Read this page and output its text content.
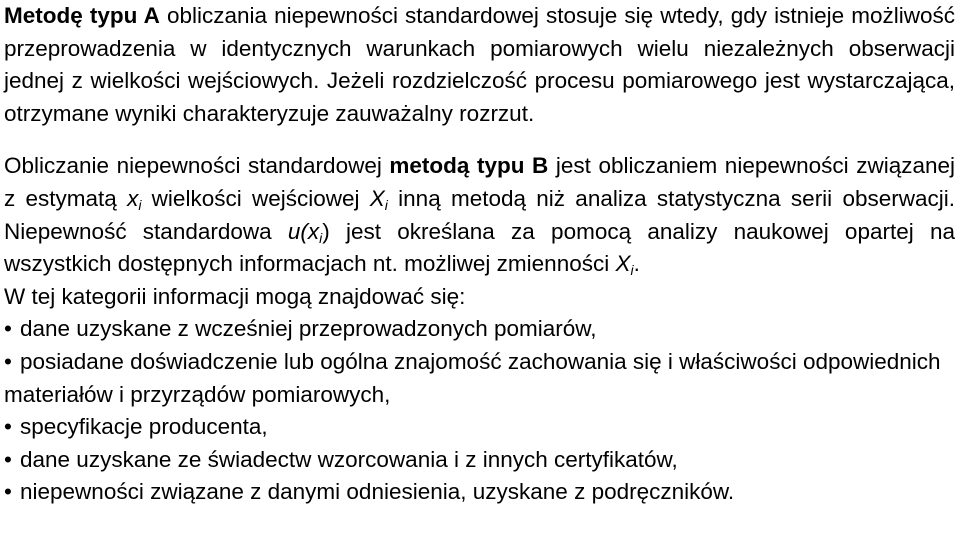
Metodę typu A obliczania niepewności standardowej stosuje się wtedy, gdy istnieje możliwość przeprowadzenia w identycznych warunkach pomiarowych wielu niezależnych obserwacji jednej z wielkości wejściowych. Jeżeli rozdzielczość procesu pomiarowego jest wystarczająca, otrzymane wyniki charakteryzuje zauważalny rozrzut.

Obliczanie niepewności standardowej metodą typu B jest obliczaniem niepewności związanej z estymatą $x_i$ wielkości wejściowej $X_i$ inną metodą niż analiza statystyczna serii obserwacji. Niepewność standardowa $u(x_i)$ jest określana za pomocą analizy naukowej opartej na wszystkich dostępnych informacjach nt. możliwej zmienności $X_i$.

W tej kategorii informacji mogą znajdować się:

• dane uzyskane z wcześniej przeprowadzonych pomiarów,
• posiadane doświadczenie lub ogólna znajomość zachowania się i właściwości odpowiednich materiałów i przyrządów pomiarowych,
• specyfikacje producenta,
• dane uzyskane ze świadectw wzorcowania i z innych certyfikatów,
• niepewności związane z danymi odniesienia, uzyskane z podręczników.
